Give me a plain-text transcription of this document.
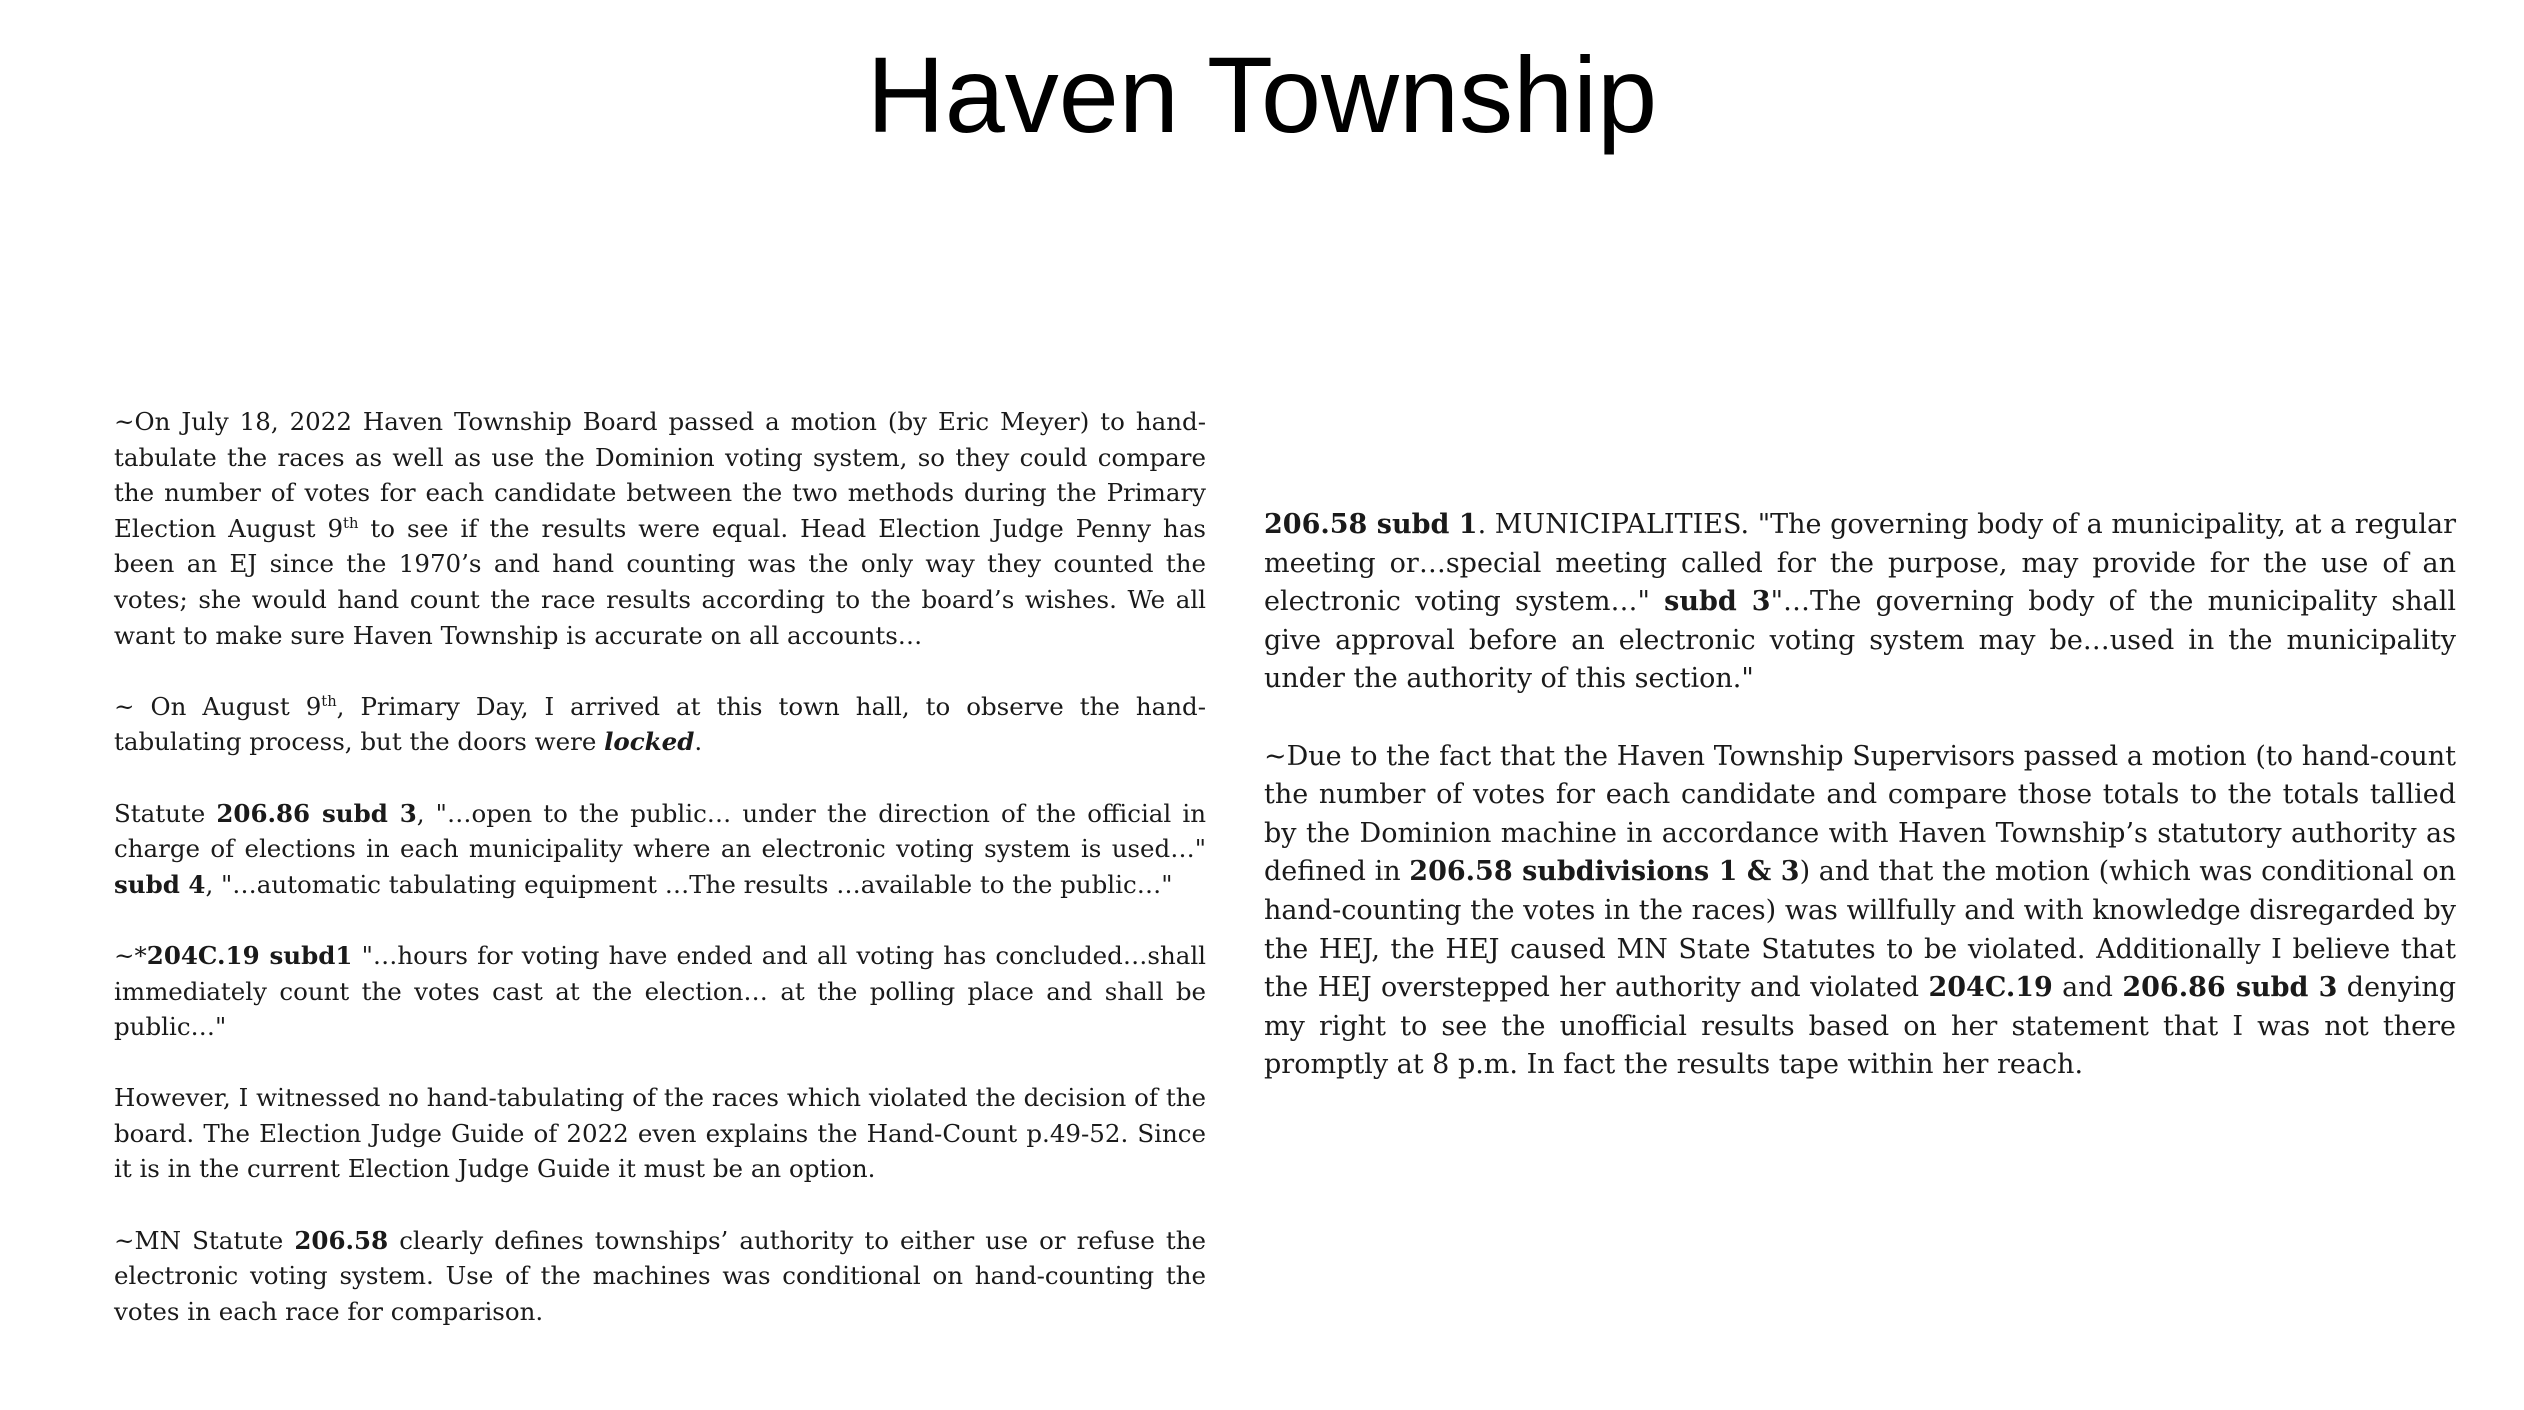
Haven Township

~On July 18, 2022 Haven Township Board passed a motion (by Eric Meyer) to hand-tabulate the races as well as use the Dominion voting system, so they could compare the number of votes for each candidate between the two methods during the Primary Election August 9th to see if the results were equal. Head Election Judge Penny has been an EJ since the 1970’s and hand counting was the only way they counted the votes; she would hand count the race results according to the board’s wishes. We all want to make sure Haven Township is accurate on all accounts…

~ On August 9th, Primary Day, I arrived at this town hall, to observe the hand-tabulating process, but the doors were locked.

Statute 206.86 subd 3, "…open to the public… under the direction of the official in charge of elections in each municipality where an electronic voting system is used…" subd 4, "…automatic tabulating equipment …The results …available to the public…"

~*204C.19 subd1 "…hours for voting have ended and all voting has concluded…shall immediately count the votes cast at the election… at the polling place and shall be public…"

However, I witnessed no hand-tabulating of the races which violated the decision of the board. The Election Judge Guide of 2022 even explains the Hand-Count p.49-52. Since it is in the current Election Judge Guide it must be an option.

~MN Statute 206.58 clearly defines townships’ authority to either use or refuse the electronic voting system. Use of the machines was conditional on hand-counting the votes in each race for comparison.

206.58 subd 1. MUNICIPALITIES. "The governing body of a municipality, at a regular meeting or…special meeting called for the purpose, may provide for the use of an electronic voting system…" subd 3"…The governing body of the municipality shall give approval before an electronic voting system may be…used in the municipality under the authority of this section."

~Due to the fact that the Haven Township Supervisors passed a motion (to hand-count the number of votes for each candidate and compare those totals to the totals tallied by the Dominion machine in accordance with Haven Township’s statutory authority as defined in 206.58 subdivisions 1 & 3) and that the motion (which was conditional on hand-counting the votes in the races) was willfully and with knowledge disregarded by the HEJ, the HEJ caused MN State Statutes to be violated. Additionally I believe that the HEJ overstepped her authority and violated 204C.19 and 206.86 subd 3 denying my right to see the unofficial results based on her statement that I was not there promptly at 8 p.m. In fact the results tape within her reach.
